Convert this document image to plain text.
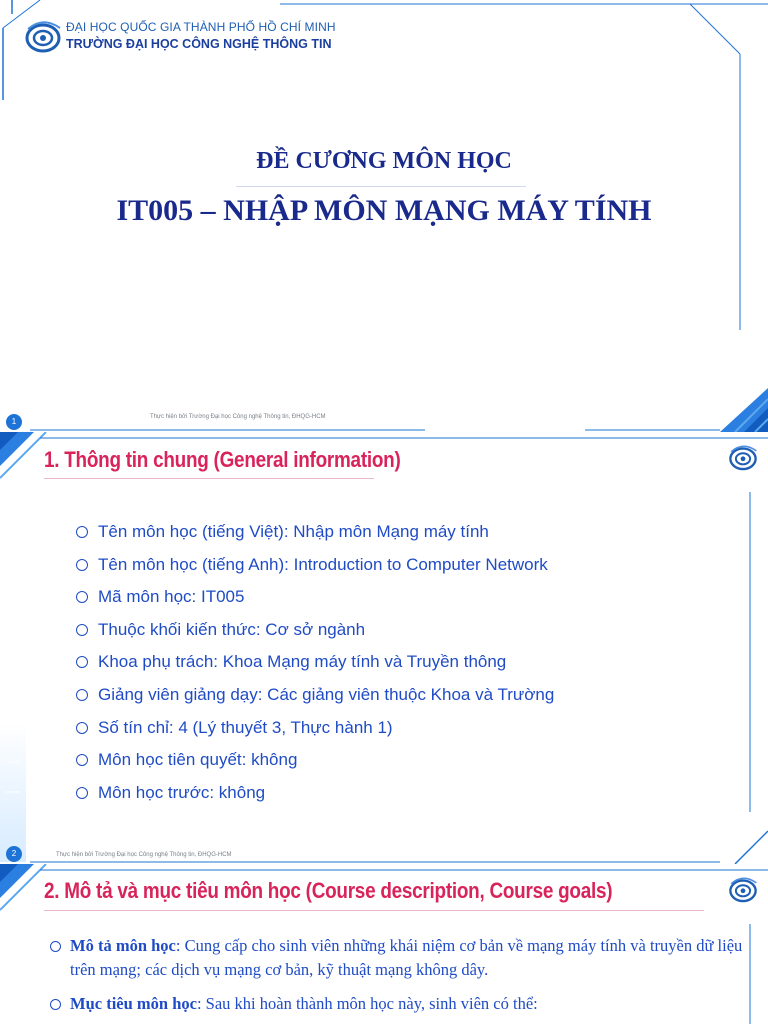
ĐẠI HỌC QUỐC GIA THÀNH PHỐ HỒ CHÍ MINH
TRƯỜNG ĐẠI HỌC CÔNG NGHỆ THÔNG TIN
ĐỀ CƯƠNG MÔN HỌC
IT005 – NHẬP MÔN MẠNG MÁY TÍNH
1	Thực hiện bởi Trường Đại học Công nghệ Thông tin, ĐHQG-HCM
1. Thông tin chung (General information)
Tên môn học (tiếng Việt): Nhập môn Mạng máy tính
Tên môn học (tiếng Anh): Introduction to Computer Network
Mã môn học: IT005
Thuộc khối kiến thức: Cơ sở ngành
Khoa phụ trách: Khoa Mạng máy tính và Truyền thông
Giảng viên giảng dạy: Các giảng viên thuộc Khoa và Trường
Số tín chỉ: 4 (Lý thuyết 3, Thực hành 1)
Môn học tiên quyết: không
Môn học trước: không
2	Thực hiện bởi Trường Đại học Công nghệ Thông tin, ĐHQG-HCM
2. Mô tả và mục tiêu môn học (Course description, Course goals)
Mô tả môn học: Cung cấp cho sinh viên những khái niệm cơ bản về mạng máy tính và truyền dữ liệu trên mạng; các dịch vụ mạng cơ bản, kỹ thuật mạng không dây.
Mục tiêu môn học: Sau khi hoàn thành môn học này, sinh viên có thể:
